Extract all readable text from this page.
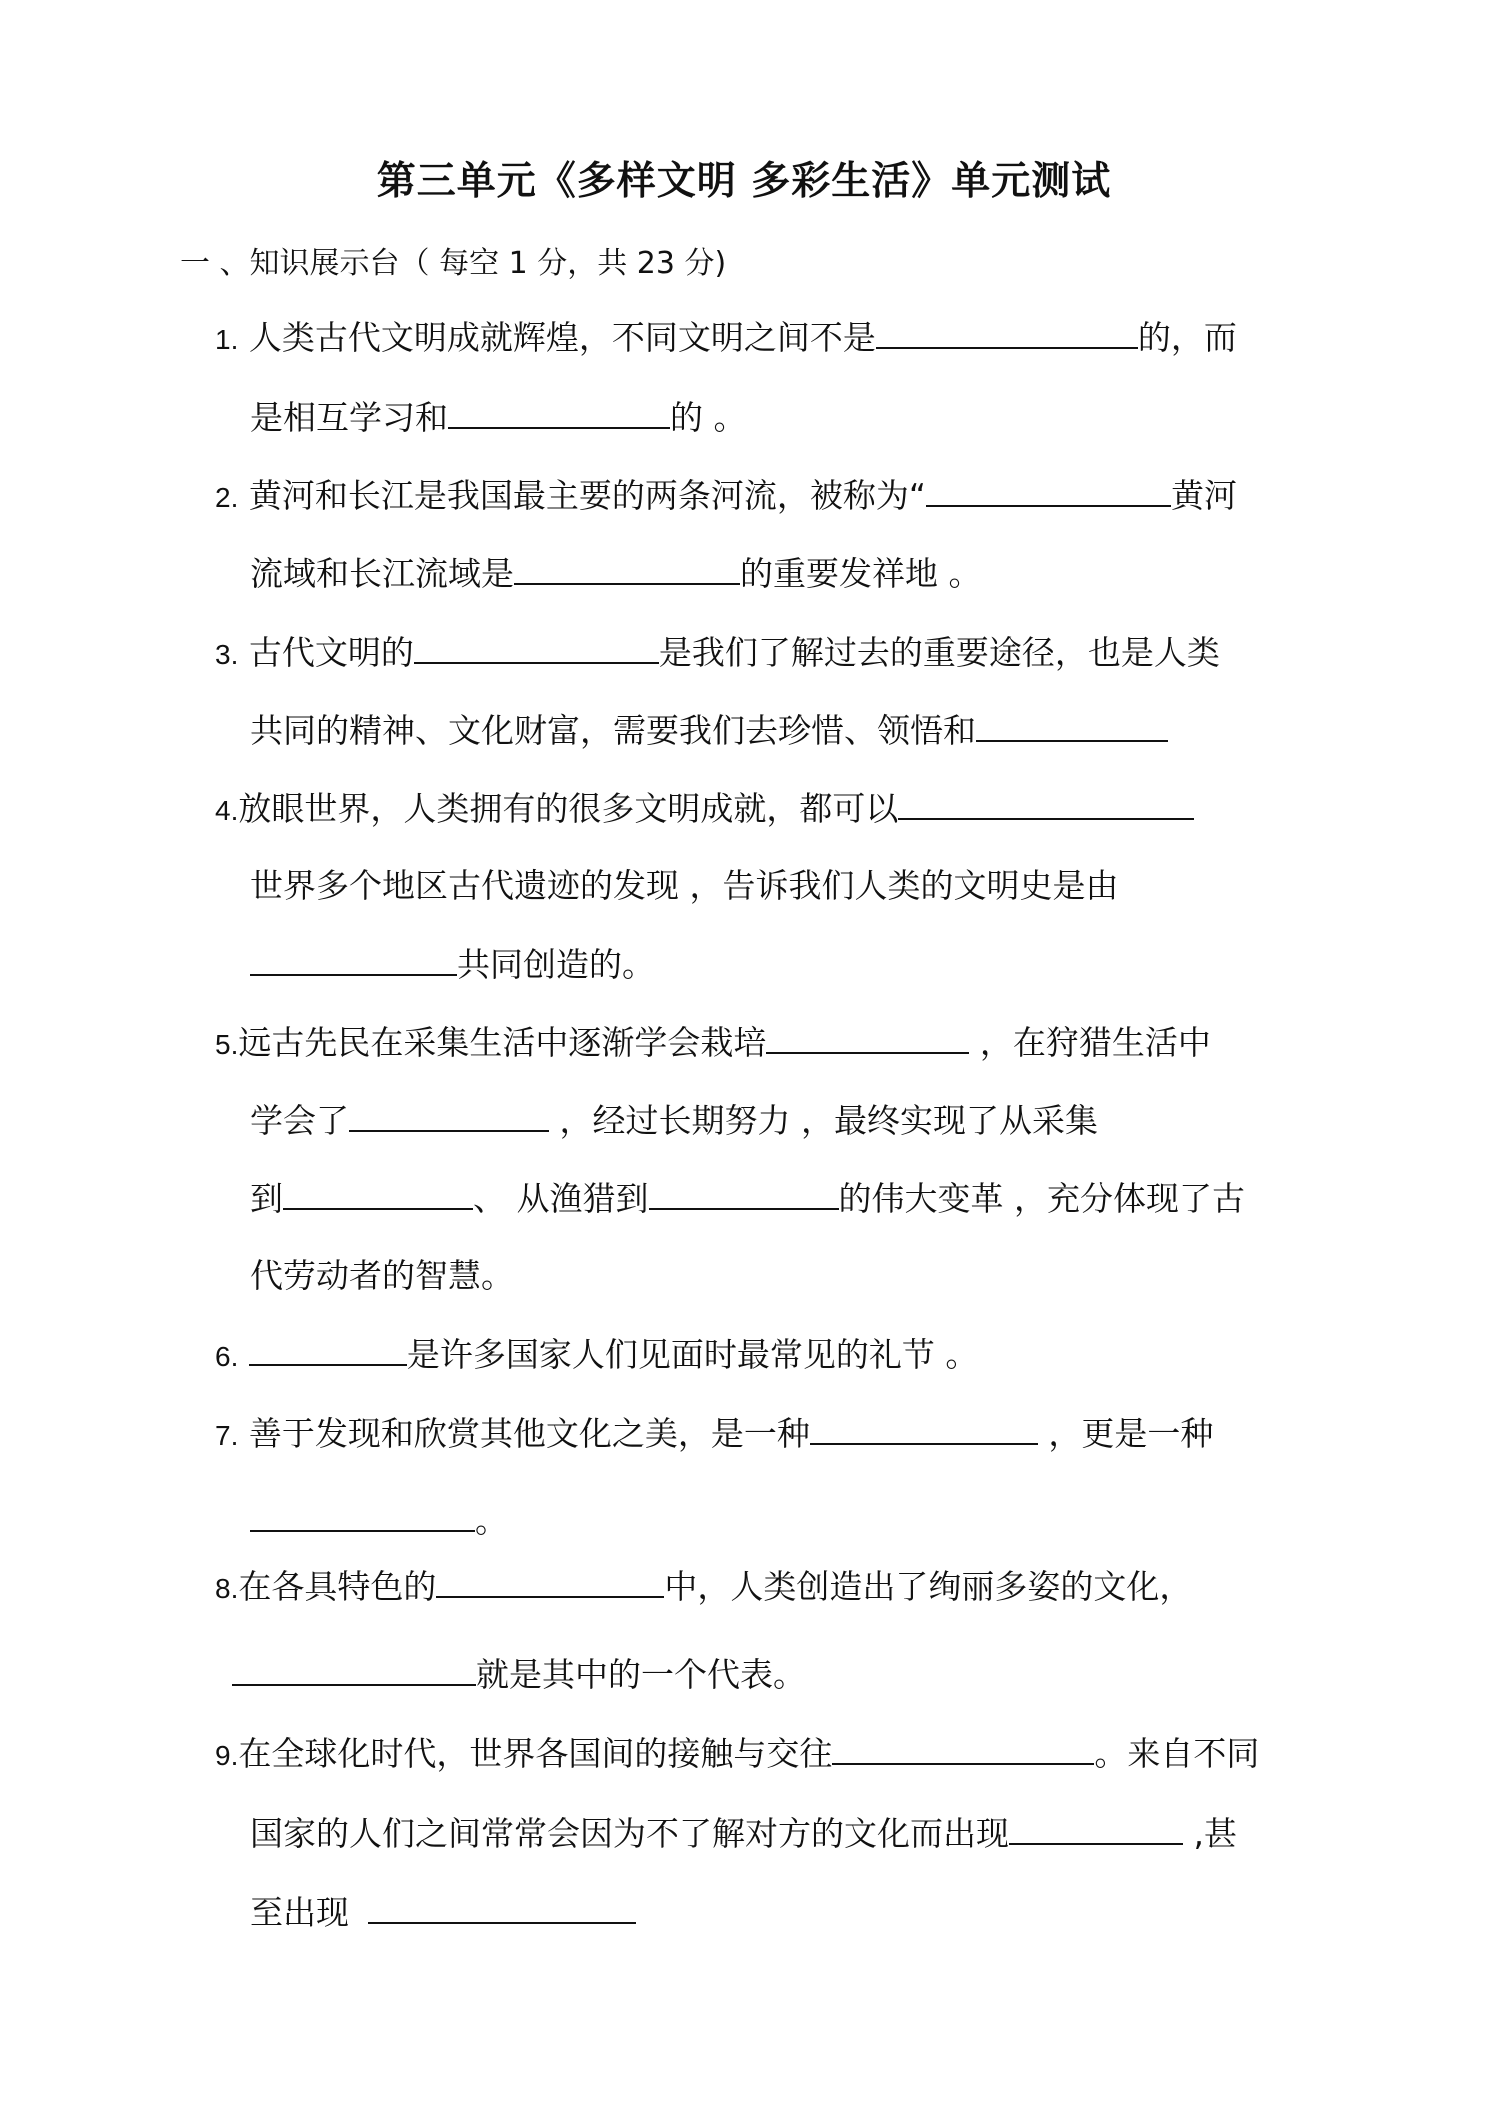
第三单元《多样文明 多彩生活》单元测试
一 、知识展示台（ 每空 1 分，共 23 分)
1. 人类古代文明成就辉煌，不同文明之间不是	的，而
是相互学习和	的 。
2. 黄河和长江是我国最主要的两条河流，被称为“	黄河
流域和长江流域是	的重要发祥地 。
3. 古代文明的	是我们了解过去的重要途径，也是人类
共同的精神、文化财富，需要我们去珍惜、领悟和
4.放眼世界，人类拥有的很多文明成就，都可以
世界多个地区古代遗迹的发现 ，告诉我们人类的文明史是由
共同创造的。
5.远古先民在采集生活中逐渐学会栽培	，在狩猎生活中
学会了	，经过长期努力 ，最终实现了从采集
到	、 从渔猎到	的伟大变革 ，充分体现了古
代劳动者的智慧。
6.	是许多国家人们见面时最常见的礼节 。
7. 善于发现和欣赏其他文化之美，是一种	，更是一种
。
8.在各具特色的	中，人类创造出了绚丽多姿的文化，
就是其中的一个代表。
9.在全球化时代，世界各国间的接触与交往	。来自不同
国家的人们之间常常会因为不了解对方的文化而出现	,甚
至出现
